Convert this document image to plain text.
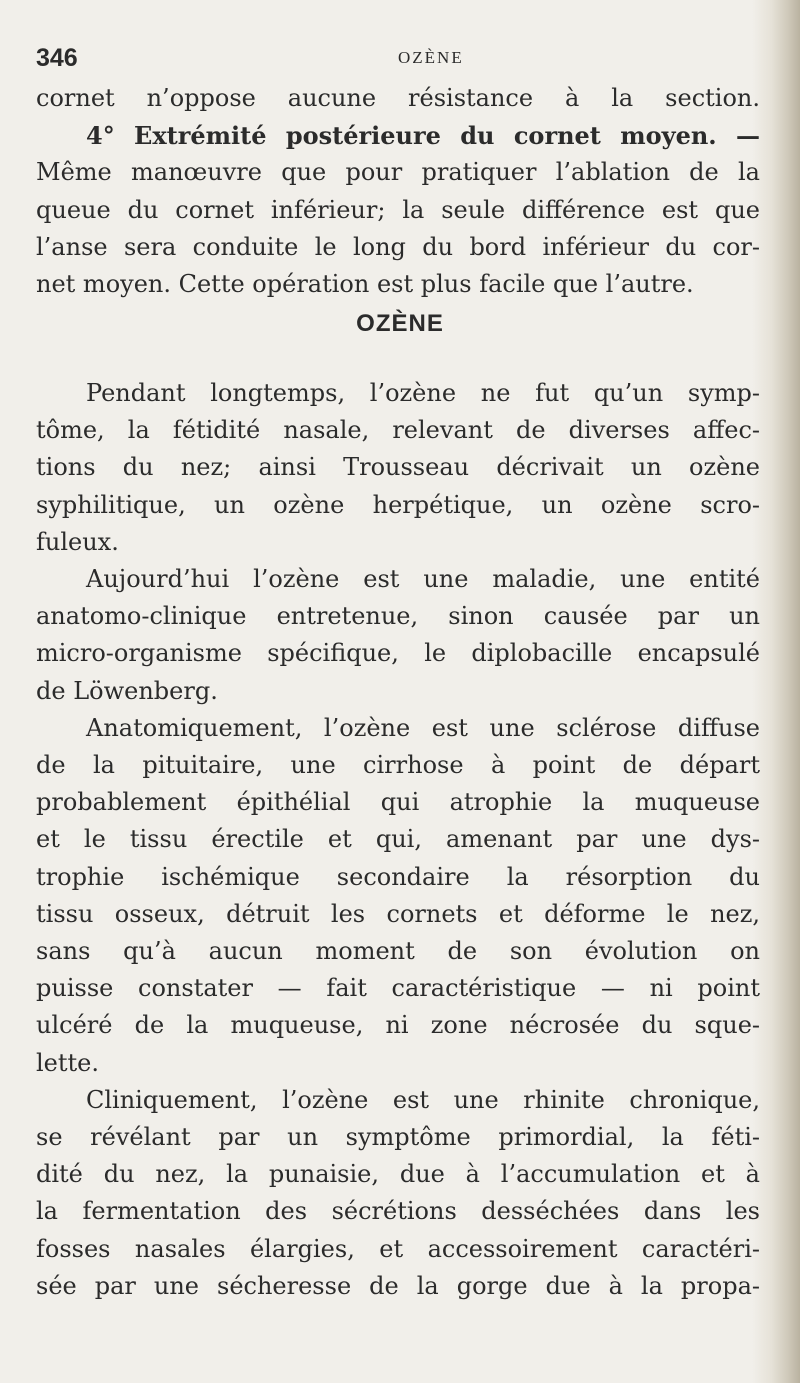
346	OZÈNE
cornet n’oppose aucune résistance à la section.
4° Extrémité postérieure du cornet moyen. —
Même manœuvre que pour pratiquer l’ablation de la
queue du cornet inférieur; la seule différence est que
l’anse sera conduite le long du bord inférieur du cor-
net moyen. Cette opération est plus facile que l’autre.
OZÈNE
Pendant longtemps, l’ozène ne fut qu’un symp-
tôme, la fétidité nasale, relevant de diverses affec-
tions du nez; ainsi Trousseau décrivait un ozène
syphilitique, un ozène herpétique, un ozène scro-
fuleux.
Aujourd’hui l’ozène est une maladie, une entité
anatomo-clinique entretenue, sinon causée par un
micro-organisme spécifique, le diplobacille encapsulé
de Löwenberg.
Anatomiquement, l’ozène est une sclérose diffuse
de la pituitaire, une cirrhose à point de départ
probablement épithélial qui atrophie la muqueuse
et le tissu érectile et qui, amenant par une dys-
trophie ischémique secondaire la résorption du
tissu osseux, détruit les cornets et déforme le nez,
sans qu’à aucun moment de son évolution on
puisse constater — fait caractéristique — ni point
ulcéré de la muqueuse, ni zone nécrosée du sque-
lette.
Cliniquement, l’ozène est une rhinite chronique,
se révélant par un symptôme primordial, la féti-
dité du nez, la punaisie, due à l’accumulation et à
la fermentation des sécrétions desséchées dans les
fosses nasales élargies, et accessoirement caractéri-
sée par une sécheresse de la gorge due à la propa-
